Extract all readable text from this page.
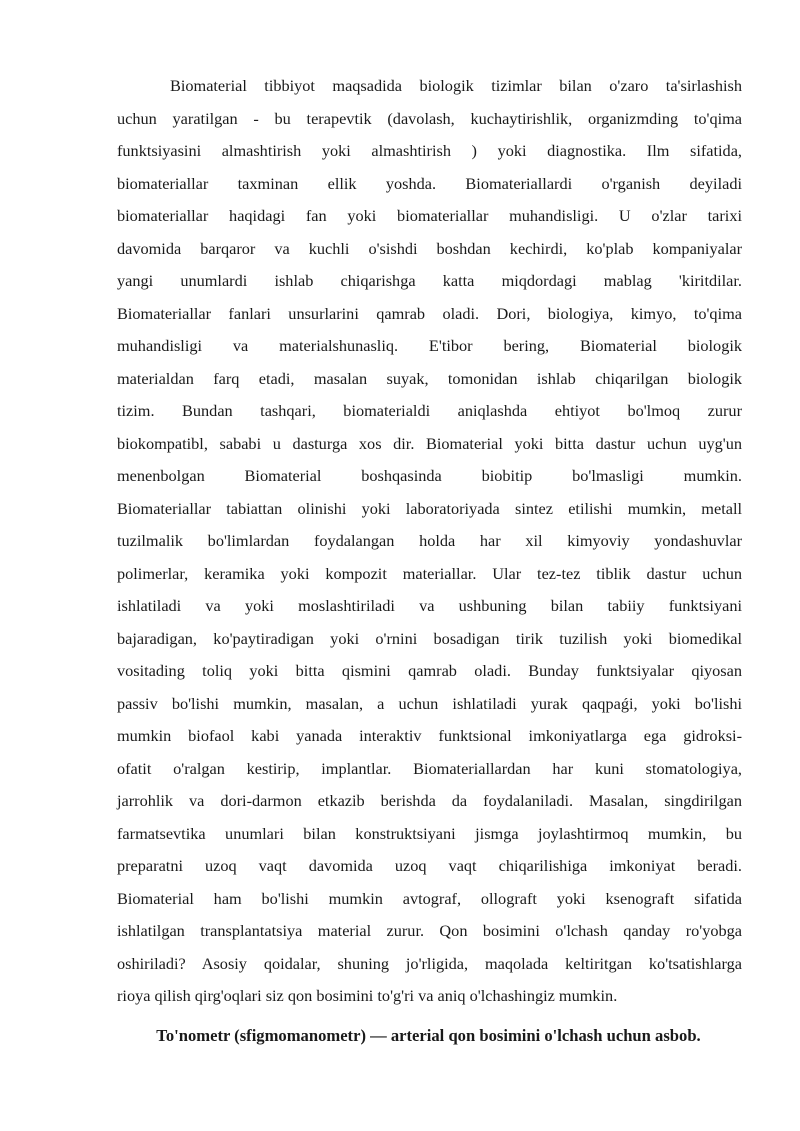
Biomaterial tibbiyot maqsadida biologik tizimlar bilan o'zaro ta'sirlashish
uchun yaratilgan - bu terapevtik (davolash, kuchaytirishlik, organizmding to'qima
funktsiyasini almashtirish yoki almashtirish ) yoki diagnostika. Ilm sifatida,
biomateriallar taxminan ellik yoshda. Biomateriallardi o'rganish deyiladi
biomateriallar haqidagi fan yoki biomateriallar muhandisligi. U o'zlar tarixi
davomida barqaror va kuchli o'sishdi boshdan kechirdi, ko'plab kompaniyalar
yangi unumlardi ishlab chiqarishga katta miqdordagi mablag 'kiritdilar.
Biomateriallar fanlari unsurlarini qamrab oladi. Dori, biologiya, kimyo, to'qima
muhandisligi va materialshunasliq. E'tibor bering, Biomaterial biologik
materialdan farq etadi, masalan suyak, tomonidan ishlab chiqarilgan biologik
tizim. Bundan tashqari, biomaterialdi aniqlashda ehtiyot bo'lmoq zurur
biokompatibl, sababi u dasturga xos dir. Biomaterial yoki bitta dastur uchun uyg'un
menenbolgan Biomaterial boshqasinda biobitip bo'lmasligi mumkin.
Biomateriallar tabiattan olinishi yoki laboratoriyada sintez etilishi mumkin, metall
tuzilmalik bo'limlardan foydalangan holda har xil kimyoviy yondashuvlar
polimerlar, keramika yoki kompozit materiallar. Ular tez-tez tiblik dastur uchun
ishlatiladi va yoki moslashtiriladi va ushbuning bilan tabiiy funktsiyani
bajaradigan, ko'paytiradigan yoki o'rnini bosadigan tirik tuzilish yoki biomedikal
vositading toliq yoki bitta qismini qamrab oladi. Bunday funktsiyalar qiyosan
passiv bo'lishi mumkin, masalan, a uchun ishlatiladi yurak qaqpaǵi, yoki bo'lishi
mumkin biofaol kabi yanada interaktiv funktsional imkoniyatlarga ega gidroksi-
ofatit o'ralgan kestirip, implantlar. Biomateriallardan har kuni stomatologiya,
jarrohlik va dori-darmon etkazib berishda da foydalaniladi. Masalan, singdirilgan
farmatsevtika unumlari bilan konstruktsiyani jismga joylashtirmoq mumkin, bu
preparatni uzoq vaqt davomida uzoq vaqt chiqarilishiga imkoniyat beradi.
Biomaterial ham bo'lishi mumkin avtograf, ollograft yoki ksenograft sifatida
ishlatilgan transplantatsiya material zurur. Qon bosimini o'lchash qanday ro'yobga
oshiriladi? Asosiy qoidalar, shuning jo'rligida, maqolada keltiritgan ko'tsatishlarga
rioya qilish qirg'oqlari siz qon bosimini to'g'ri va aniq o'lchashingiz mumkin.
To'nometr (sfigmomanometr) — arterial qon bosimini o'lchash uchun asbob.
